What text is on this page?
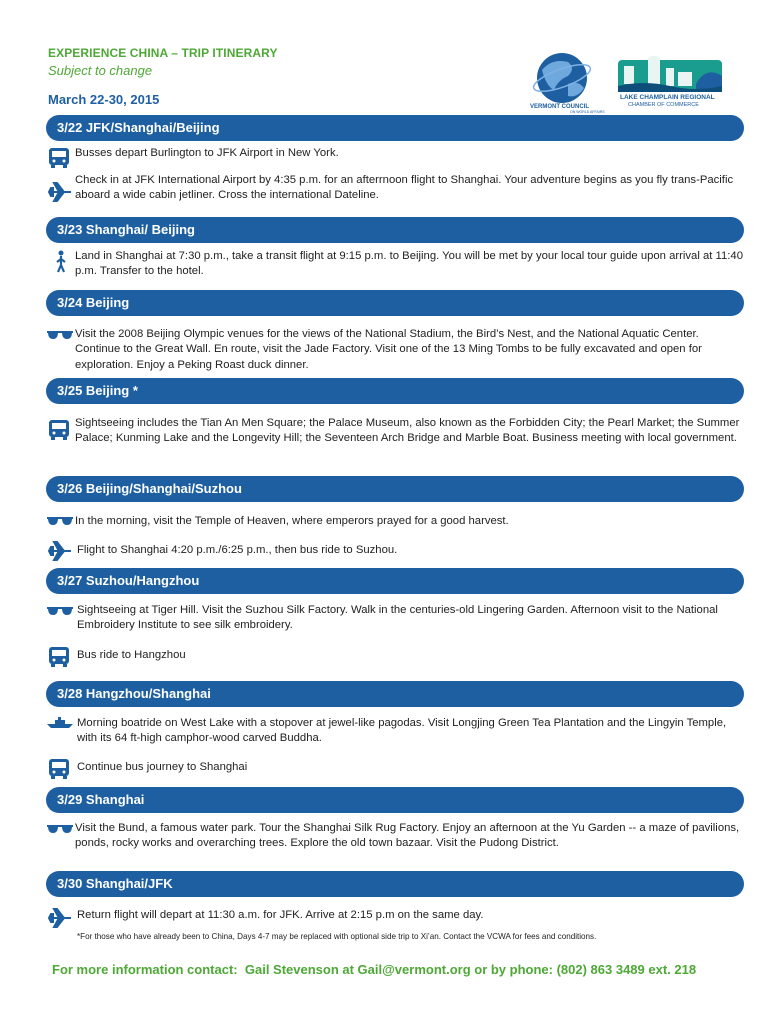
EXPERIENCE CHINA – TRIP ITINERARY
Subject to change
March 22-30, 2015	VERMONT COUNCIL
ON WORLD AFFAIRS
LAKE CHAMPLAIN REGIONAL
CHAMBER OF COMMERCE
3/22 JFK/Shanghai/Beijing
3/23 Shanghai/ Beijing
3/24 Beijing
3/25 Beijing *
3/26 Beijing/Shanghai/Suzhou
3/27 Suzhou/Hangzhou
3/28 Hangzhou/Shanghai
3/29 Shanghai
3/30 Shanghai/JFK
Busses depart Burlington to JFK Airport in New York.
Check in at JFK International Airport by 4:35 p.m. for an afterrnoon flight to Shanghai. Your adventure begins as you fly trans-Pacific aboard a wide cabin jetliner. Cross the international Dateline.
Land in Shanghai at 7:30 p.m., take a transit flight at 9:15 p.m. to Beijing. You will be met by your local tour guide upon arrival at 11:40 p.m. Transfer to the hotel.
Visit the 2008 Beijing Olympic venues for the views of the National Stadium, the Bird’s Nest, and the National Aquatic Center. Continue to the Great Wall. En route, visit the Jade Factory. Visit one of the 13 Ming Tombs to be fully excavated and open for exploration. Enjoy a Peking Roast duck dinner.
Sightseeing includes the Tian An Men Square; the Palace Museum, also known as the Forbidden City; the Pearl Market; the Summer Palace; Kunming Lake and the Longevity Hill; the Seventeen Arch Bridge and Marble Boat. Business meeting with local government.
In the morning, visit the Temple of Heaven, where emperors prayed for a good harvest.
Flight to Shanghai 4:20 p.m./6:25 p.m., then bus ride to Suzhou.
Sightseeing at Tiger Hill. Visit the Suzhou Silk Factory. Walk in the centuries-old Lingering Garden. Afternoon visit to the National Embroidery Institute to see silk embroidery.
Bus ride to Hangzhou
Morning boatride on West Lake with a stopover at jewel-like pagodas. Visit Longjing Green Tea Plantation and the Lingyin Temple, with its 64 ft-high camphor-wood carved Buddha.
Continue bus journey to Shanghai
Visit the Bund, a famous water park. Tour the Shanghai Silk Rug Factory. Enjoy an afternoon at the Yu Garden -- a maze of pavilions, ponds, rocky works and overarching trees. Explore the old town bazaar. Visit the Pudong District.
Return flight will depart at 11:30 a.m. for JFK. Arrive at 2:15 p.m on the same day.
*For those who have already been to China, Days 4-7 may be replaced with optional side trip to Xi’an. Contact the VCWA for fees and conditions.
For more information contact: Gail Stevenson at Gail@vermont.org or by phone: (802) 863 3489 ext. 218
